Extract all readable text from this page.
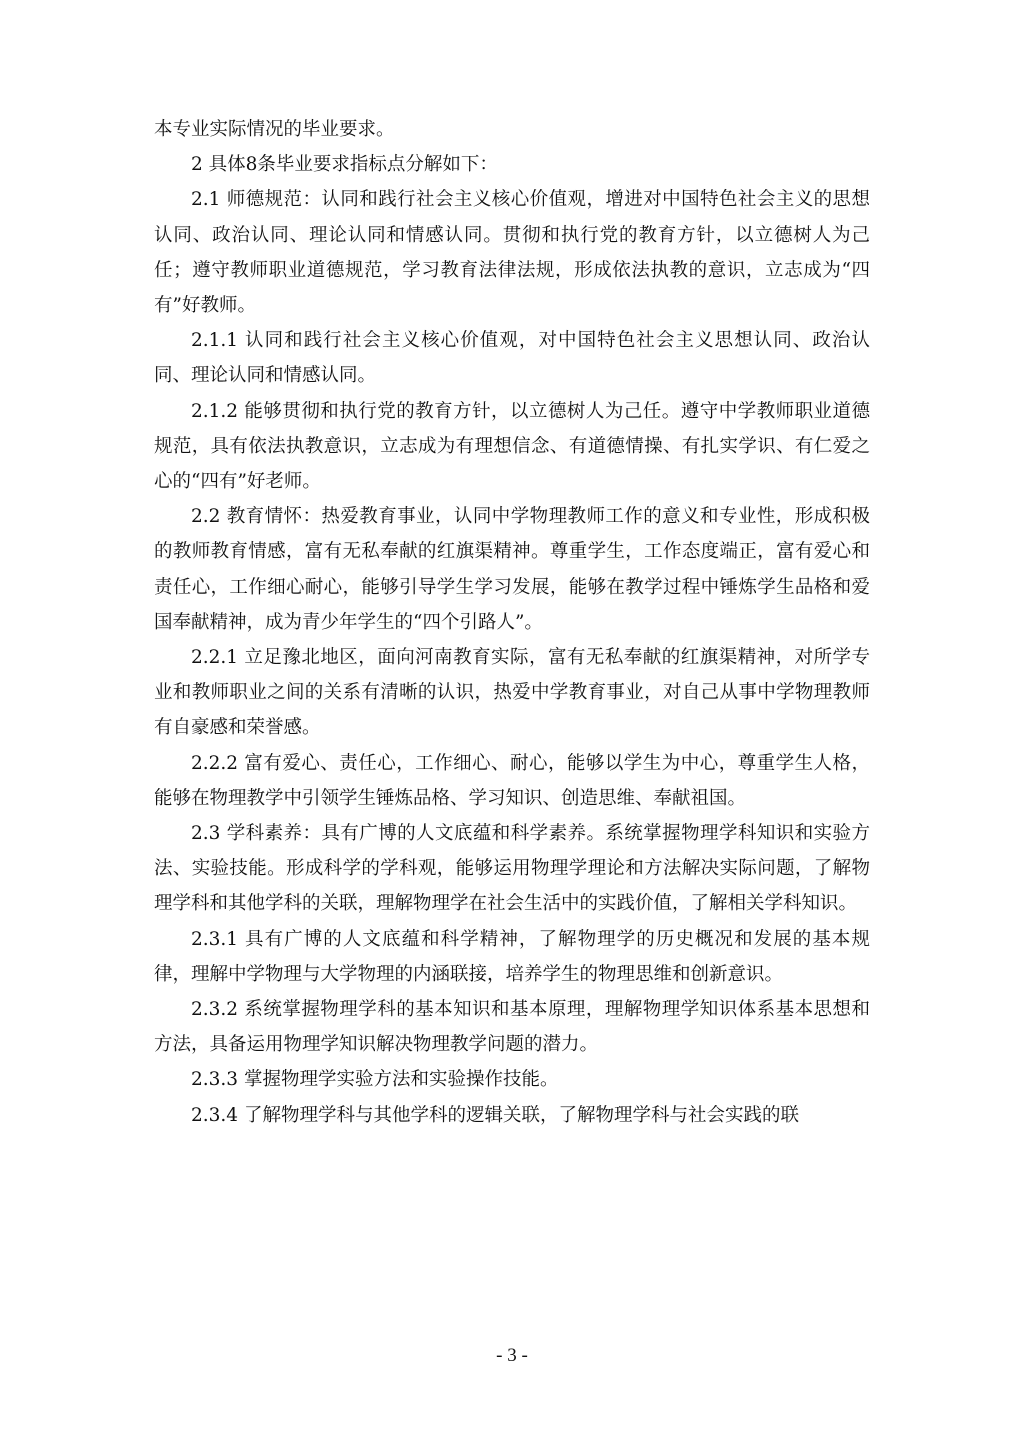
本专业实际情况的毕业要求。

2 具体8条毕业要求指标点分解如下：

2.1 师德规范：认同和践行社会主义核心价值观，增进对中国特色社会主义的思想认同、政治认同、理论认同和情感认同。贯彻和执行党的教育方针，以立德树人为己任；遵守教师职业道德规范，学习教育法律法规，形成依法执教的意识，立志成为“四有”好教师。

2.1.1 认同和践行社会主义核心价值观，对中国特色社会主义思想认同、政治认同、理论认同和情感认同。

2.1.2 能够贯彻和执行党的教育方针，以立德树人为己任。遵守中学教师职业道德规范，具有依法执教意识，立志成为有理想信念、有道德情操、有扎实学识、有仁爱之心的“四有”好老师。

2.2 教育情怀：热爱教育事业，认同中学物理教师工作的意义和专业性，形成积极的教师教育情感，富有无私奉献的红旗渠精神。尊重学生，工作态度端正，富有爱心和责任心，工作细心耐心，能够引导学生学习发展，能够在教学过程中锤炼学生品格和爱国奉献精神，成为青少年学生的“四个引路人”。

2.2.1 立足豫北地区，面向河南教育实际，富有无私奉献的红旗渠精神，对所学专业和教师职业之间的关系有清晰的认识，热爱中学教育事业，对自己从事中学物理教师有自豪感和荣誉感。

2.2.2 富有爱心、责任心，工作细心、耐心，能够以学生为中心，尊重学生人格，能够在物理教学中引领学生锤炼品格、学习知识、创造思维、奉献祖国。

2.3 学科素养：具有广博的人文底蕴和科学素养。系统掌握物理学科知识和实验方法、实验技能。形成科学的学科观，能够运用物理学理论和方法解决实际问题，了解物理学科和其他学科的关联，理解物理学在社会生活中的实践价值，了解相关学科知识。

2.3.1 具有广博的人文底蕴和科学精神，了解物理学的历史概况和发展的基本规律，理解中学物理与大学物理的内涵联接，培养学生的物理思维和创新意识。

2.3.2 系统掌握物理学科的基本知识和基本原理，理解物理学知识体系基本思想和方法，具备运用物理学知识解决物理教学问题的潜力。

2.3.3 掌握物理学实验方法和实验操作技能。

2.3.4 了解物理学科与其他学科的逻辑关联，了解物理学科与社会实践的联

- 3 -
